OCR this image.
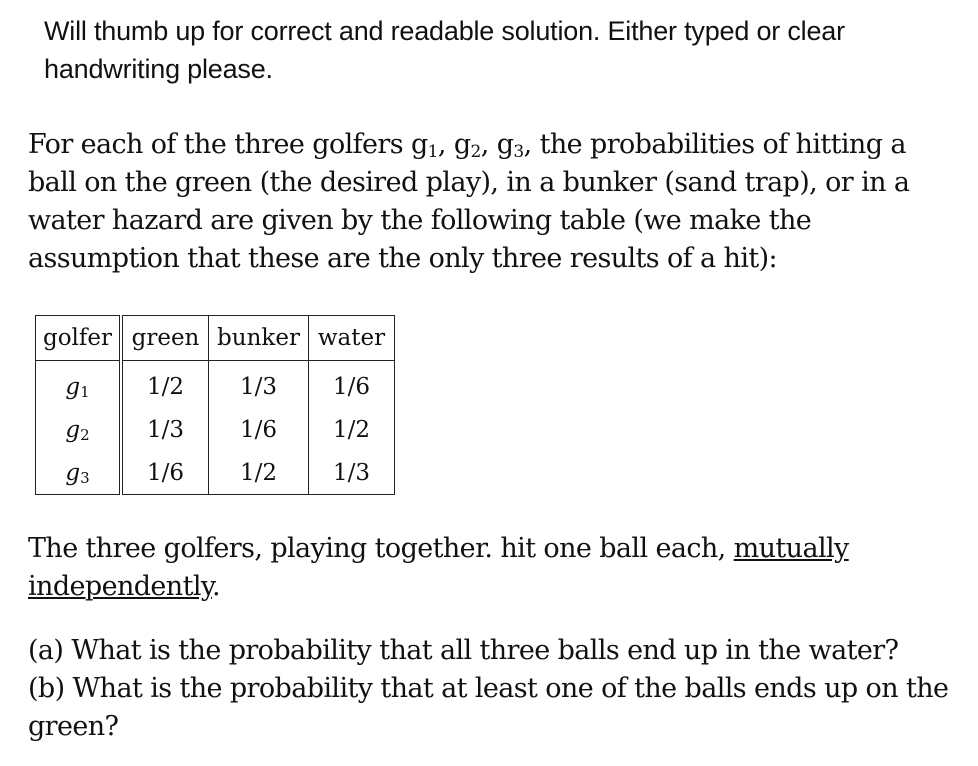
Will thumb up for correct and readable solution. Either typed or clear handwriting please.
For each of the three golfers $g_1$, $g_2$, $g_3$, the probabilities of hitting a ball on the green (the desired play), in a bunker (sand trap), or in a water hazard are given by the following table (we make the assumption that these are the only three results of a hit):
golfer	green	bunker	water
$g_1$	1/2	1/3	1/6
$g_2$	1/3	1/6	1/2
$g_3$	1/6	1/2	1/3
The three golfers, playing together. hit one ball each, mutually independently.

(a) What is the probability that all three balls end up in the water?

(b) What is the probability that at least one of the balls ends up on the green?
